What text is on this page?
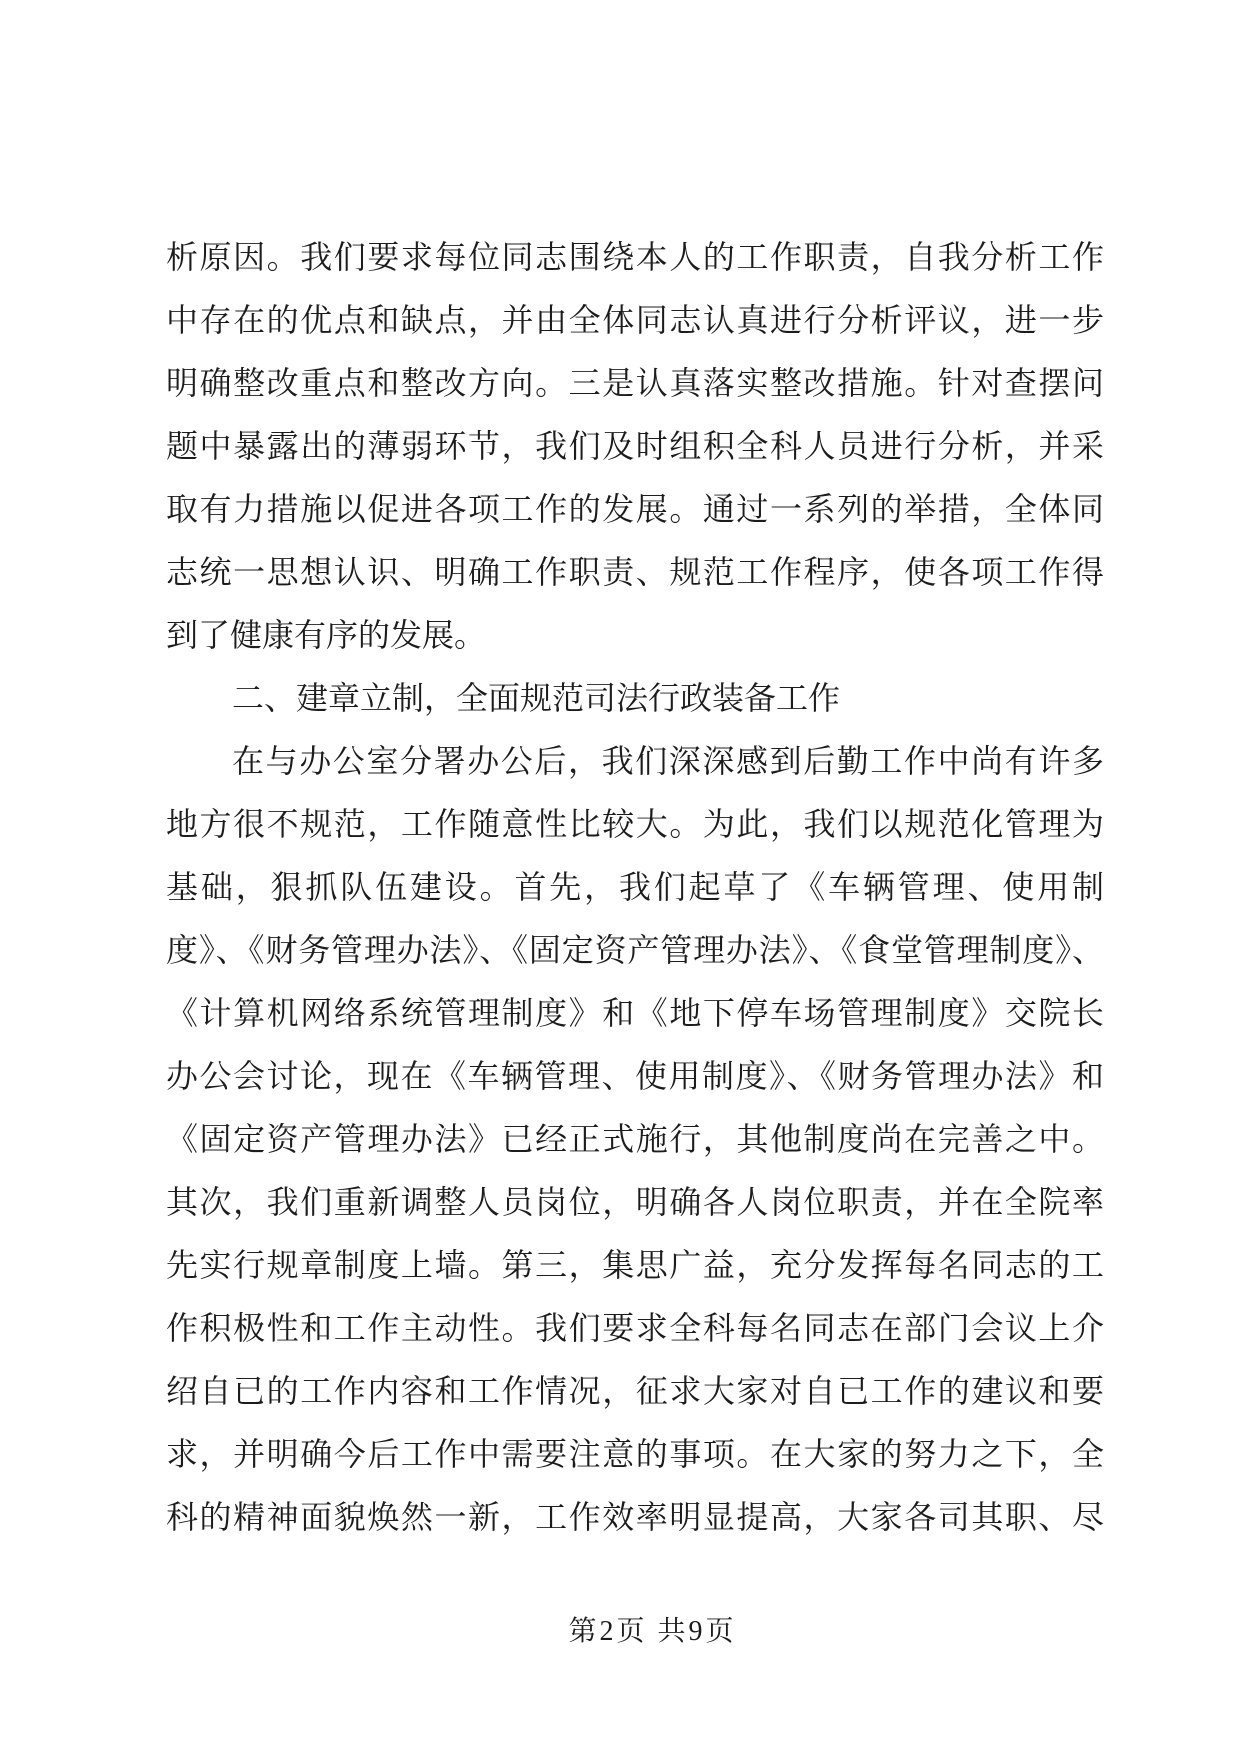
析原因。我们要求每位同志围绕本人的工作职责，自我分析工作
中存在的优点和缺点，并由全体同志认真进行分析评议，进一步
明确整改重点和整改方向。三是认真落实整改措施。针对查摆问
题中暴露出的薄弱环节，我们及时组积全科人员进行分析，并采
取有力措施以促进各项工作的发展。通过一系列的举措，全体同
志统一思想认识、明确工作职责、规范工作程序，使各项工作得
到了健康有序的发展。
二、建章立制，全面规范司法行政装备工作
在与办公室分署办公后，我们深深感到后勤工作中尚有许多
地方很不规范，工作随意性比较大。为此，我们以规范化管理为
基础，狠抓队伍建设。首先，我们起草了《车辆管理、使用制
度》、《财务管理办法》、《固定资产管理办法》、《食堂管理制度》、
《计算机网络系统管理制度》和《地下停车场管理制度》交院长
办公会讨论，现在《车辆管理、使用制度》、《财务管理办法》和
《固定资产管理办法》已经正式施行，其他制度尚在完善之中。
其次，我们重新调整人员岗位，明确各人岗位职责，并在全院率
先实行规章制度上墙。第三，集思广益，充分发挥每名同志的工
作积极性和工作主动性。我们要求全科每名同志在部门会议上介
绍自已的工作内容和工作情况，征求大家对自已工作的建议和要
求，并明确今后工作中需要注意的事项。在大家的努力之下，全
科的精神面貌焕然一新，工作效率明显提高，大家各司其职、尽
第2页 共9页
